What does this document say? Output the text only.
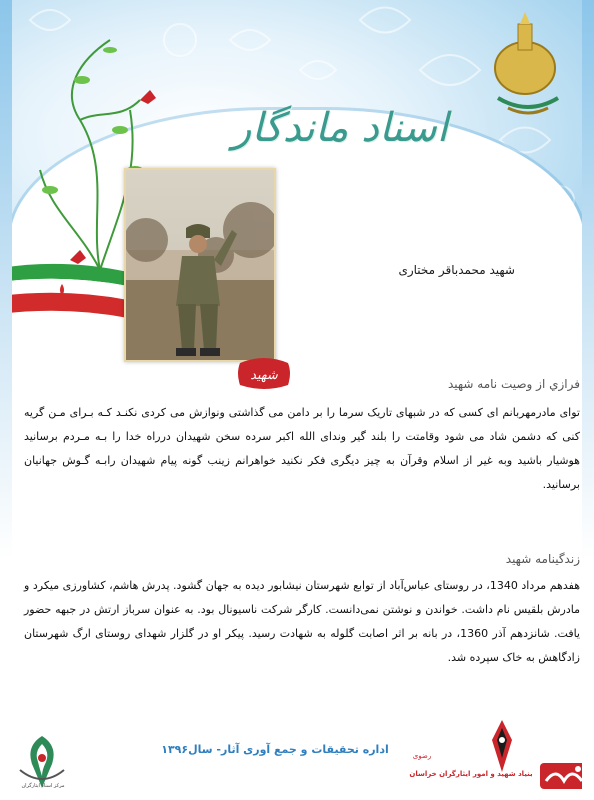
اسناد ماندگار
شهید محمدباقر مختاری
شهید
فرازي از وصيت نامه شهيد
توای مادرمهربانم ای کسی که در شبهای تاریک سرما را بر دامن می گذاشتی ونوازش می کردی نکنـد کـه بـرای مـن گریه کنی که دشمن شاد می شود وقامتت را بلند گیر وندای الله اکبر سرده سخن شهیدان درراه خدا را بـه مـردم برسانید هوشیار باشید وبه غیر از اسلام وقرآن به چیز دیگری فکر نکنید خواهرانم زینب گونه پیام شهیدان رابـه گـوش جهانیان برسانید.
زندگينامه شهيد
هفدهم مرداد 1340، در روستای عباس‌آباد از توابع شهرستان نیشابور دیده به جهان گشود. پدرش هاشم، کشاورزی میکرد و مادرش بلقیس نام داشت. خواندن و نوشتن نمی‌دانست. کارگر شرکت ناسیونال بود. به عنوان سرباز ارتش در جبهه حضور یافت. شانزدهم آذر 1360، در بانه بر اثر اصابت گلوله به شهادت رسید. پیکر او در گلزار شهدای روستای ارگ شهرستان زادگاهش به خاک سپرده شد.
مرکز اسناد ایثارگران
اداره تحقیقات و جمع آوری آثار- سال۱۳۹۶	رضوی
بنیاد شهید و امور ایثارگران خراسان
